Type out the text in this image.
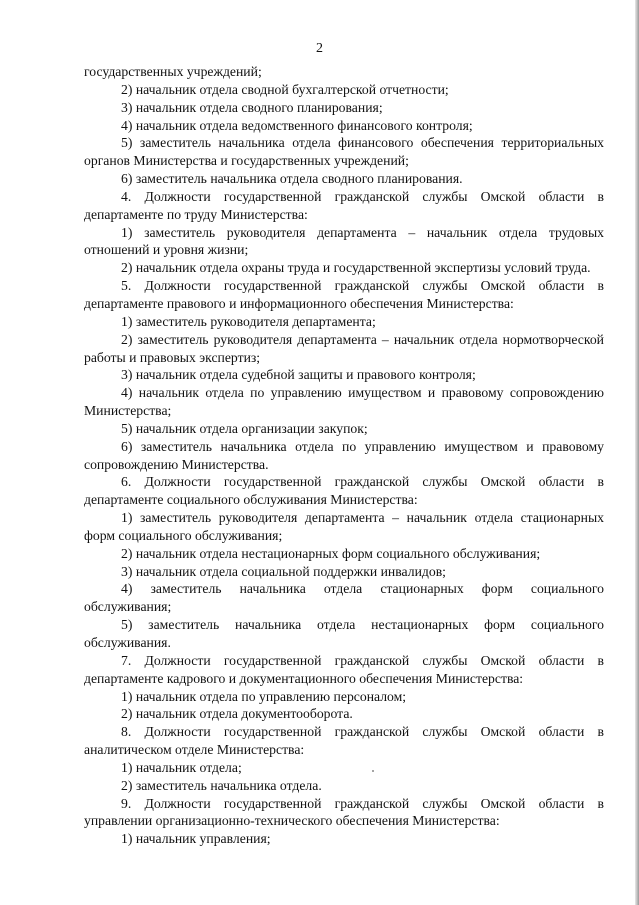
2

государственных учреждений;

2) начальник отдела сводной бухгалтерской отчетности;

3) начальник отдела сводного планирования;

4) начальник отдела ведомственного финансового контроля;

5) заместитель начальника отдела финансового обеспечения территориальных органов Министерства и государственных учреждений;

6) заместитель начальника отдела сводного планирования.

4. Должности государственной гражданской службы Омской области в департаменте по труду Министерства:

1) заместитель руководителя департамента – начальник отдела трудовых отношений и уровня жизни;

2) начальник отдела охраны труда и государственной экспертизы условий труда.

5. Должности государственной гражданской службы Омской области в департаменте правового и информационного обеспечения Министерства:

1) заместитель руководителя департамента;

2) заместитель руководителя департамента – начальник отдела нормотворческой работы и правовых экспертиз;

3) начальник отдела судебной защиты и правового контроля;

4) начальник отдела по управлению имуществом и правовому сопровождению Министерства;

5) начальник отдела организации закупок;

6) заместитель начальника отдела по управлению имуществом и правовому сопровождению Министерства.

6. Должности государственной гражданской службы Омской области в департаменте социального обслуживания Министерства:

1) заместитель руководителя департамента – начальник отдела стационарных форм социального обслуживания;

2) начальник отдела нестационарных форм социального обслуживания;

3) начальник отдела социальной поддержки инвалидов;

4) заместитель начальника отдела стационарных форм социального обслуживания;

5) заместитель начальника отдела нестационарных форм социального обслуживания.

7. Должности государственной гражданской службы Омской области в департаменте кадрового и документационного обеспечения Министерства:

1) начальник отдела по управлению персоналом;

2) начальник отдела документооборота.

8. Должности государственной гражданской службы Омской области в аналитическом отделе Министерства:

1) начальник отдела;

2) заместитель начальника отдела.

9. Должности государственной гражданской службы Омской области в управлении организационно-технического обеспечения Министерства:

1) начальник управления;
